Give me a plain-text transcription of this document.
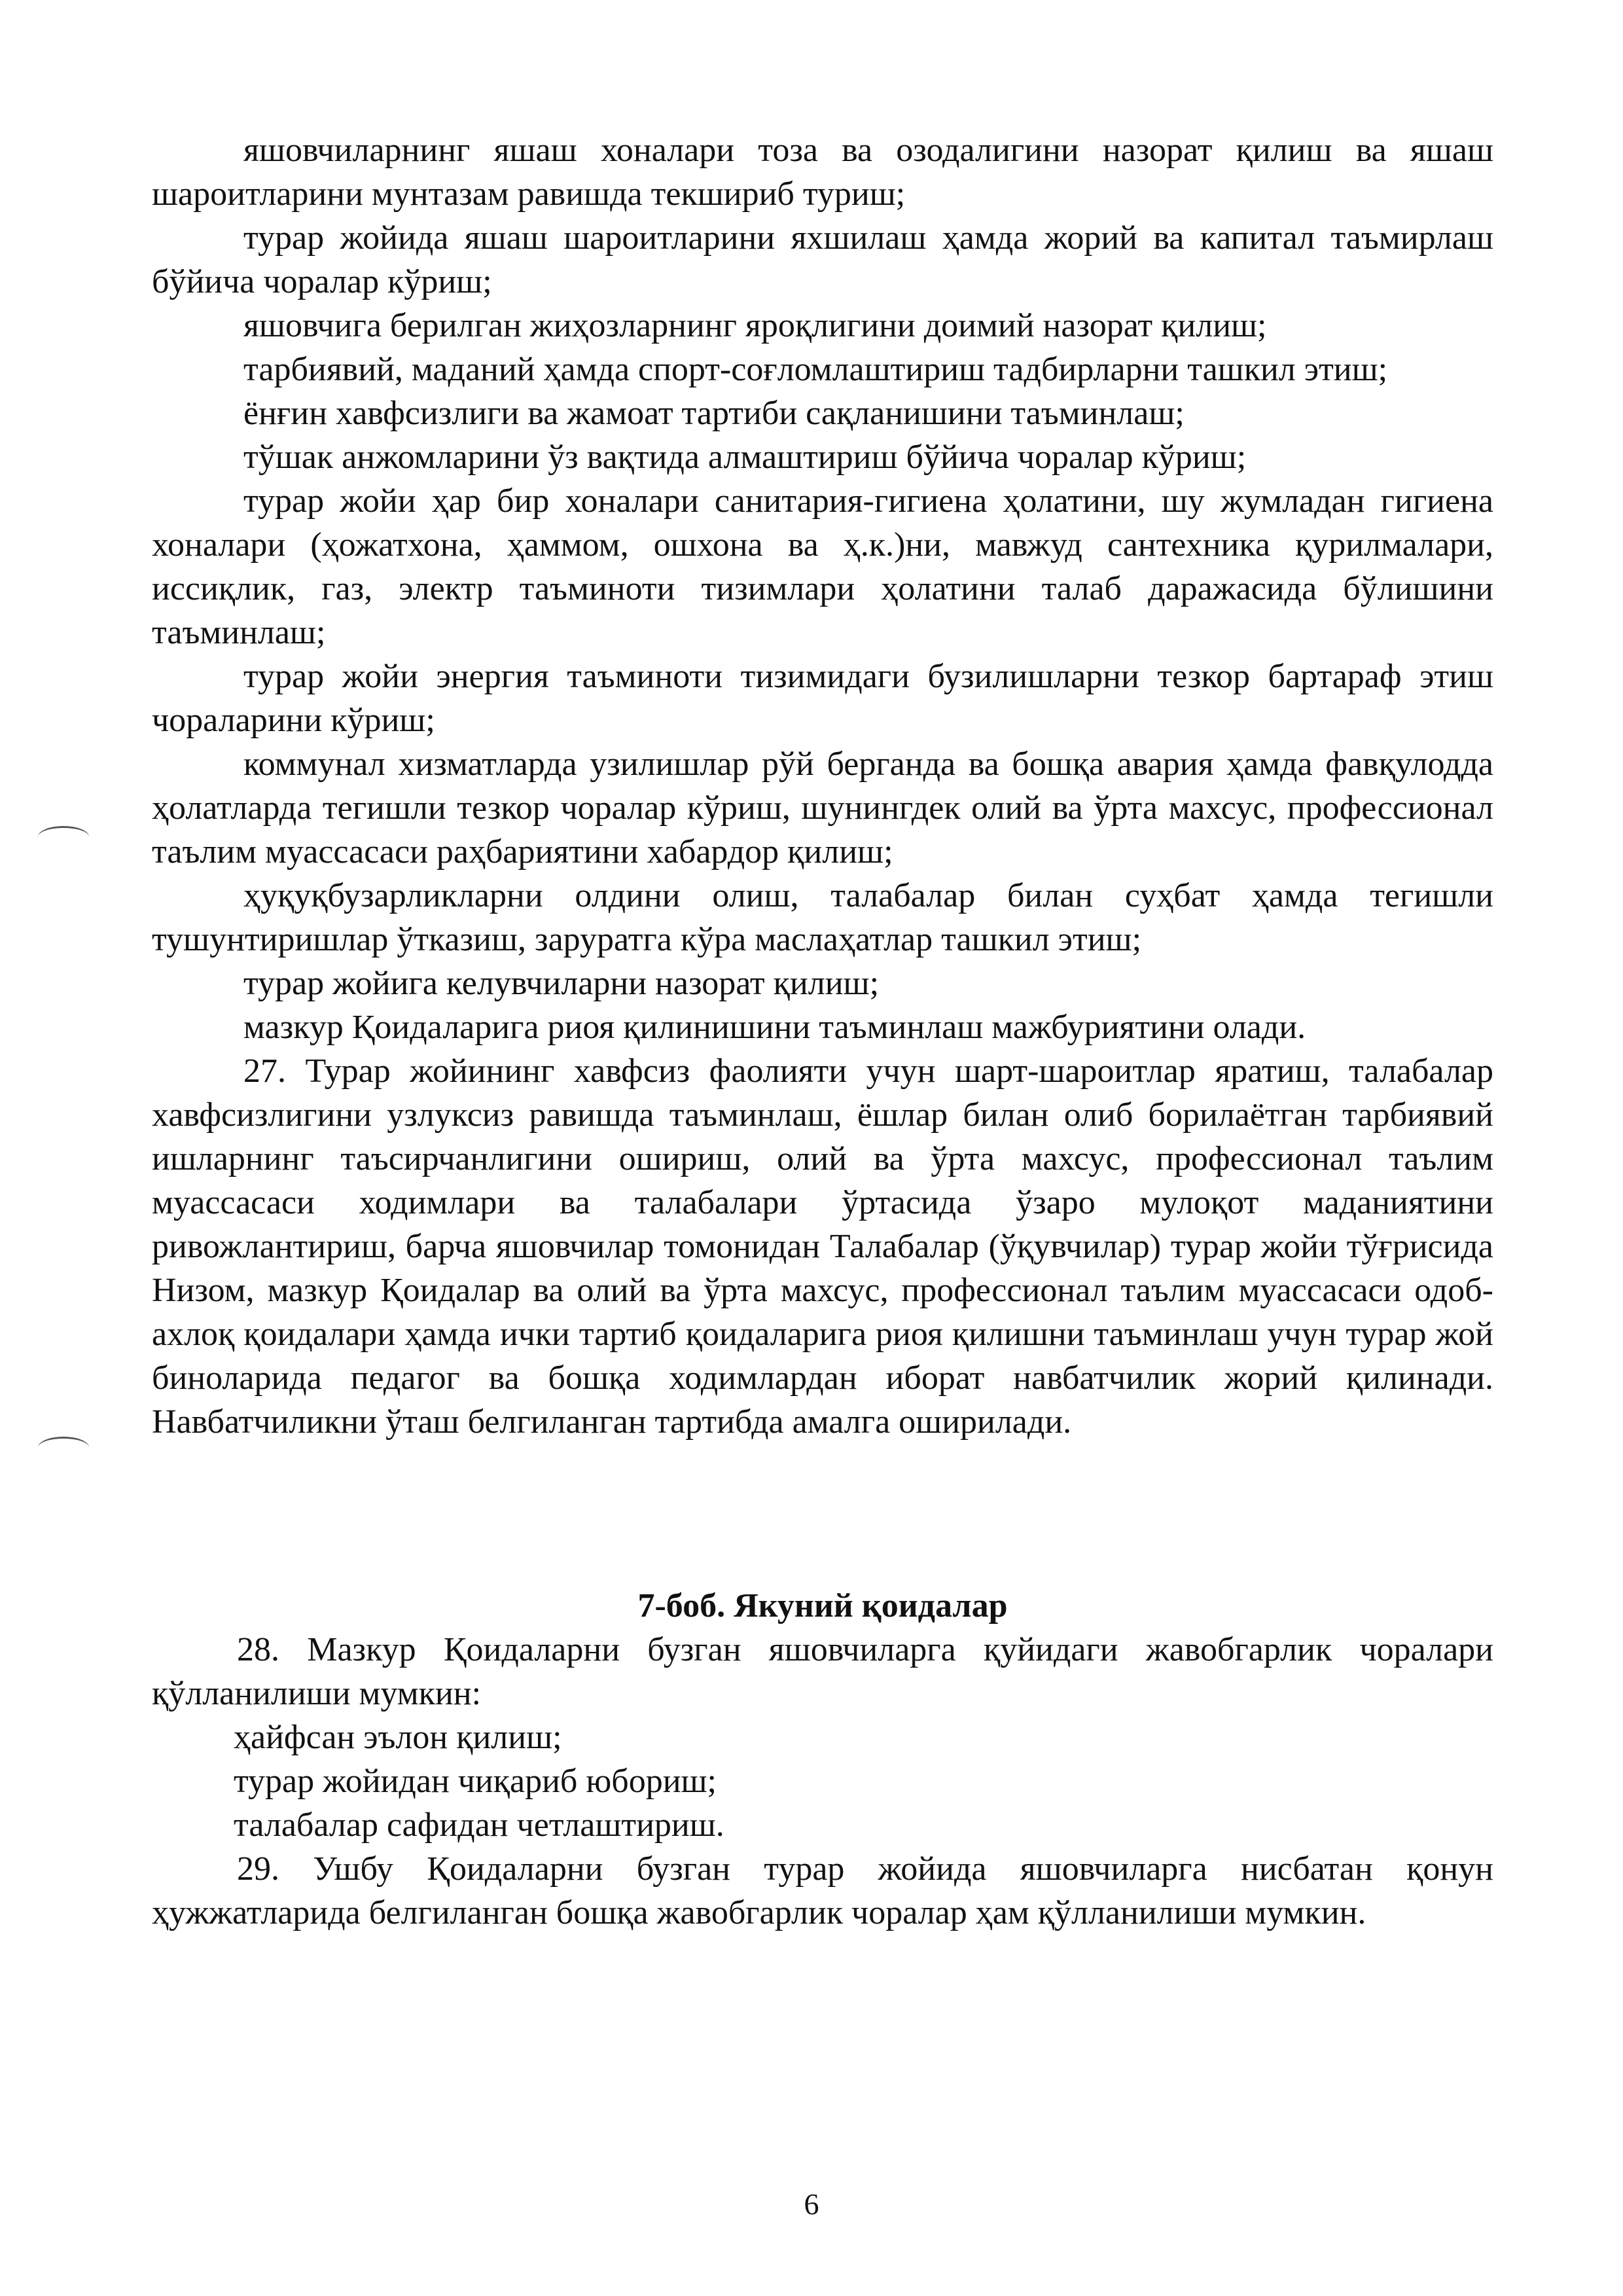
яшовчиларнинг яшаш хоналари тоза ва озодалигини назорат қилиш ва яшаш шароитларини мунтазам равишда текшириб туриш;

турар жойида яшаш шароитларини яхшилаш ҳамда жорий ва капитал таъмирлаш бўйича чоралар кўриш;

яшовчига берилган жиҳозларнинг яроқлигини доимий назорат қилиш;

тарбиявий, маданий ҳамда спорт-соғломлаштириш тадбирларни ташкил этиш;

ёнғин хавфсизлиги ва жамоат тартиби сақланишини таъминлаш;

тўшак анжомларини ўз вақтида алмаштириш бўйича чоралар кўриш;

турар жойи ҳар бир хоналари санитария-гигиена ҳолатини, шу жумладан гигиена хоналари (ҳожатхона, ҳаммом, ошхона ва ҳ.к.)ни, мавжуд сантехника қурилмалари, иссиқлик, газ, электр таъминоти тизимлари ҳолатини талаб даражасида бўлишини таъминлаш;

турар жойи энергия таъминоти тизимидаги бузилишларни тезкор бартараф этиш чораларини кўриш;

коммунал хизматларда узилишлар рўй берганда ва бошқа авария ҳамда фавқулодда ҳолатларда тегишли тезкор чоралар кўриш, шунингдек олий ва ўрта махсус, профессионал таълим муассасаси раҳбариятини хабардор қилиш;

ҳуқуқбузарликларни олдини олиш, талабалар билан суҳбат ҳамда тегишли тушунтиришлар ўтказиш, заруратга кўра маслаҳатлар ташкил этиш;

турар жойига келувчиларни назорат қилиш;

мазкур Қоидаларига риоя қилинишини таъминлаш мажбуриятини олади.

27. Турар жойининг хавфсиз фаолияти учун шарт-шароитлар яратиш, талабалар хавфсизлигини узлуксиз равишда таъминлаш, ёшлар билан олиб борилаётган тарбиявий ишларнинг таъсирчанлигини ошириш, олий ва ўрта махсус, профессионал таълим муассасаси ходимлари ва талабалари ўртасида ўзаро мулоқот маданиятини ривожлантириш, барча яшовчилар томонидан Талабалар (ўқувчилар) турар жойи тўғрисида Низом, мазкур Қоидалар ва олий ва ўрта махсус, профессионал таълим муассасаси одоб-ахлоқ қоидалари ҳамда ички тартиб қоидаларига риоя қилишни таъминлаш учун турар жой биноларида педагог ва бошқа ходимлардан иборат навбатчилик жорий қилинади. Навбатчиликни ўташ белгиланган тартибда амалга оширилади.

7-боб. Якуний қоидалар

28. Мазкур Қоидаларни бузган яшовчиларга қуйидаги жавобгарлик чоралари қўлланилиши мумкин:

ҳайфсан эълон қилиш;

турар жойидан чиқариб юбориш;

талабалар сафидан четлаштириш.

29. Ушбу Қоидаларни бузган турар жойида яшовчиларга нисбатан қонун ҳужжатларида белгиланган бошқа жавобгарлик чоралар ҳам қўлланилиши мумкин.

6
